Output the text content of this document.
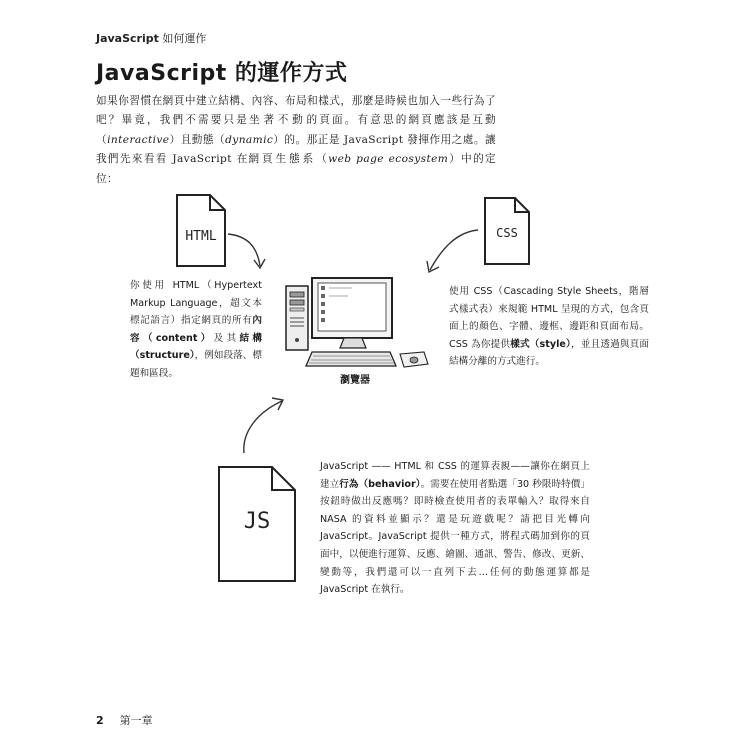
JavaScript 如何運作
JavaScript 的運作方式

如果你習慣在網頁中建立結構、內容、布局和樣式，那麼是時候也加入一些行為了吧？畢竟，我們不需要只是坐著不動的頁面。有意思的網頁應該是互動（interactive）且動態（dynamic）的。那正是 JavaScript 發揮作用之處。讓我們先來看看 JavaScript 在網頁生態系（web page ecosystem）中的定位：

HTML	CSS
JS
瀏覽器
你使用 HTML（Hypertext Markup Language，超文本標記語言）指定網頁的所有內容（content）及其結構（structure），例如段落、標題和區段。
使用 CSS（Cascading Style Sheets，階層式樣式表）來規範 HTML 呈現的方式，包含頁面上的顏色、字體、邊框、邊距和頁面布局。CSS 為你提供樣式（style），並且透過與頁面結構分離的方式進行。
JavaScript —— HTML 和 CSS 的運算表親——讓你在網頁上建立行為（behavior）。需要在使用者點選「30 秒限時特價」按鈕時做出反應嗎？即時檢查使用者的表單輸入？取得來自 NASA 的資料並顯示？還是玩遊戲呢？請把目光轉向 JavaScript。JavaScript 提供一種方式，將程式碼加到你的頁面中，以便進行運算、反應、繪圖、通訊、警告、修改、更新、變動等，我們還可以一直列下去…任何的動態運算都是 JavaScript 在執行。
2 第一章
